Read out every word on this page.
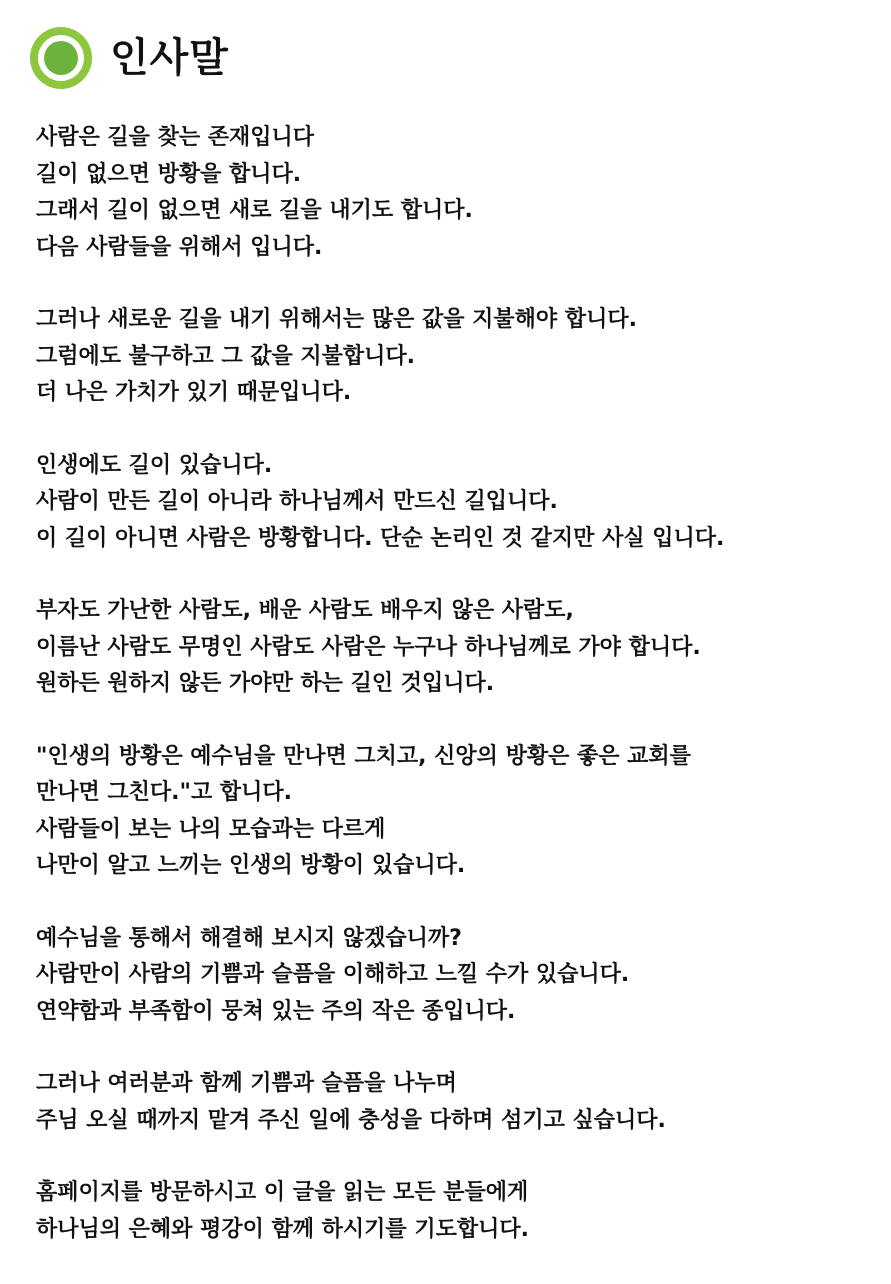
인사말
사람은 길을 찾는 존재입니다
길이 없으면 방황을 합니다.
그래서 길이 없으면 새로 길을 내기도 합니다.
다음 사람들을 위해서 입니다.
그러나 새로운 길을 내기 위해서는 많은 값을 지불해야 합니다.
그럼에도 불구하고 그 값을 지불합니다.
더 나은 가치가 있기 때문입니다.
인생에도 길이 있습니다.
사람이 만든 길이 아니라 하나님께서 만드신 길입니다.
이 길이 아니면 사람은 방황합니다. 단순 논리인 것 같지만 사실 입니다.
부자도 가난한 사람도, 배운 사람도 배우지 않은 사람도,
이름난 사람도 무명인 사람도 사람은 누구나 하나님께로 가야 합니다.
원하든 원하지 않든 가야만 하는 길인 것입니다.
"인생의 방황은 예수님을 만나면 그치고, 신앙의 방황은 좋은 교회를
만나면 그친다."고 합니다.
사람들이 보는 나의 모습과는 다르게
나만이 알고 느끼는 인생의 방황이 있습니다.
예수님을 통해서 해결해 보시지 않겠습니까?
사람만이 사람의 기쁨과 슬픔을 이해하고 느낄 수가 있습니다.
연약함과 부족함이 뭉쳐 있는 주의 작은 종입니다.
그러나 여러분과 함께 기쁨과 슬픔을 나누며
주님 오실 때까지 맡겨 주신 일에 충성을 다하며 섬기고 싶습니다.
홈페이지를 방문하시고 이 글을 읽는 모든 분들에게
하나님의 은혜와 평강이 함께 하시기를 기도합니다.
